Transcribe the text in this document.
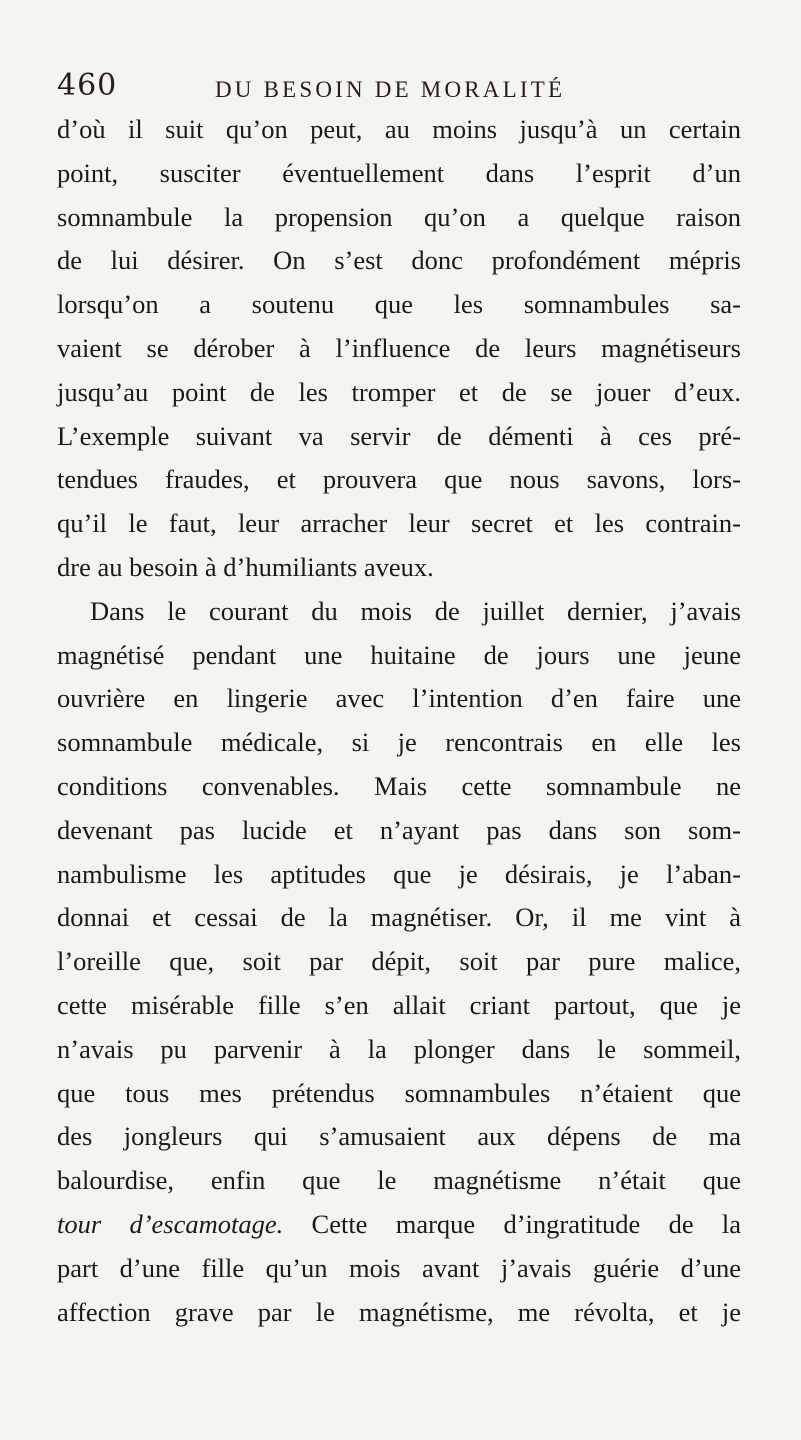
460	DU BESOIN DE MORALITÉ
d’où il suit qu’on peut, au moins jusqu’à un certain
point, susciter éventuellement dans l’esprit d’un
somnambule la propension qu’on a quelque raison
de lui désirer. On s’est donc profondément mépris
lorsqu’on a soutenu que les somnambules sa-
vaient se dérober à l’influence de leurs magnétiseurs
jusqu’au point de les tromper et de se jouer d’eux.
L’exemple suivant va servir de démenti à ces pré-
tendues fraudes, et prouvera que nous savons, lors-
qu’il le faut, leur arracher leur secret et les contrain-
dre au besoin à d’humiliants aveux.
Dans le courant du mois de juillet dernier, j’avais
magnétisé pendant une huitaine de jours une jeune
ouvrière en lingerie avec l’intention d’en faire une
somnambule médicale, si je rencontrais en elle les
conditions convenables. Mais cette somnambule ne
devenant pas lucide et n’ayant pas dans son som-
nambulisme les aptitudes que je désirais, je l’aban-
donnai et cessai de la magnétiser. Or, il me vint à
l’oreille que, soit par dépit, soit par pure malice,
cette misérable fille s’en allait criant partout, que je
n’avais pu parvenir à la plonger dans le sommeil,
que tous mes prétendus somnambules n’étaient que
des jongleurs qui s’amusaient aux dépens de ma
balourdise, enfin que le magnétisme n’était que
tour d’escamotage. Cette marque d’ingratitude de la
part d’une fille qu’un mois avant j’avais guérie d’une
affection grave par le magnétisme, me révolta, et je
